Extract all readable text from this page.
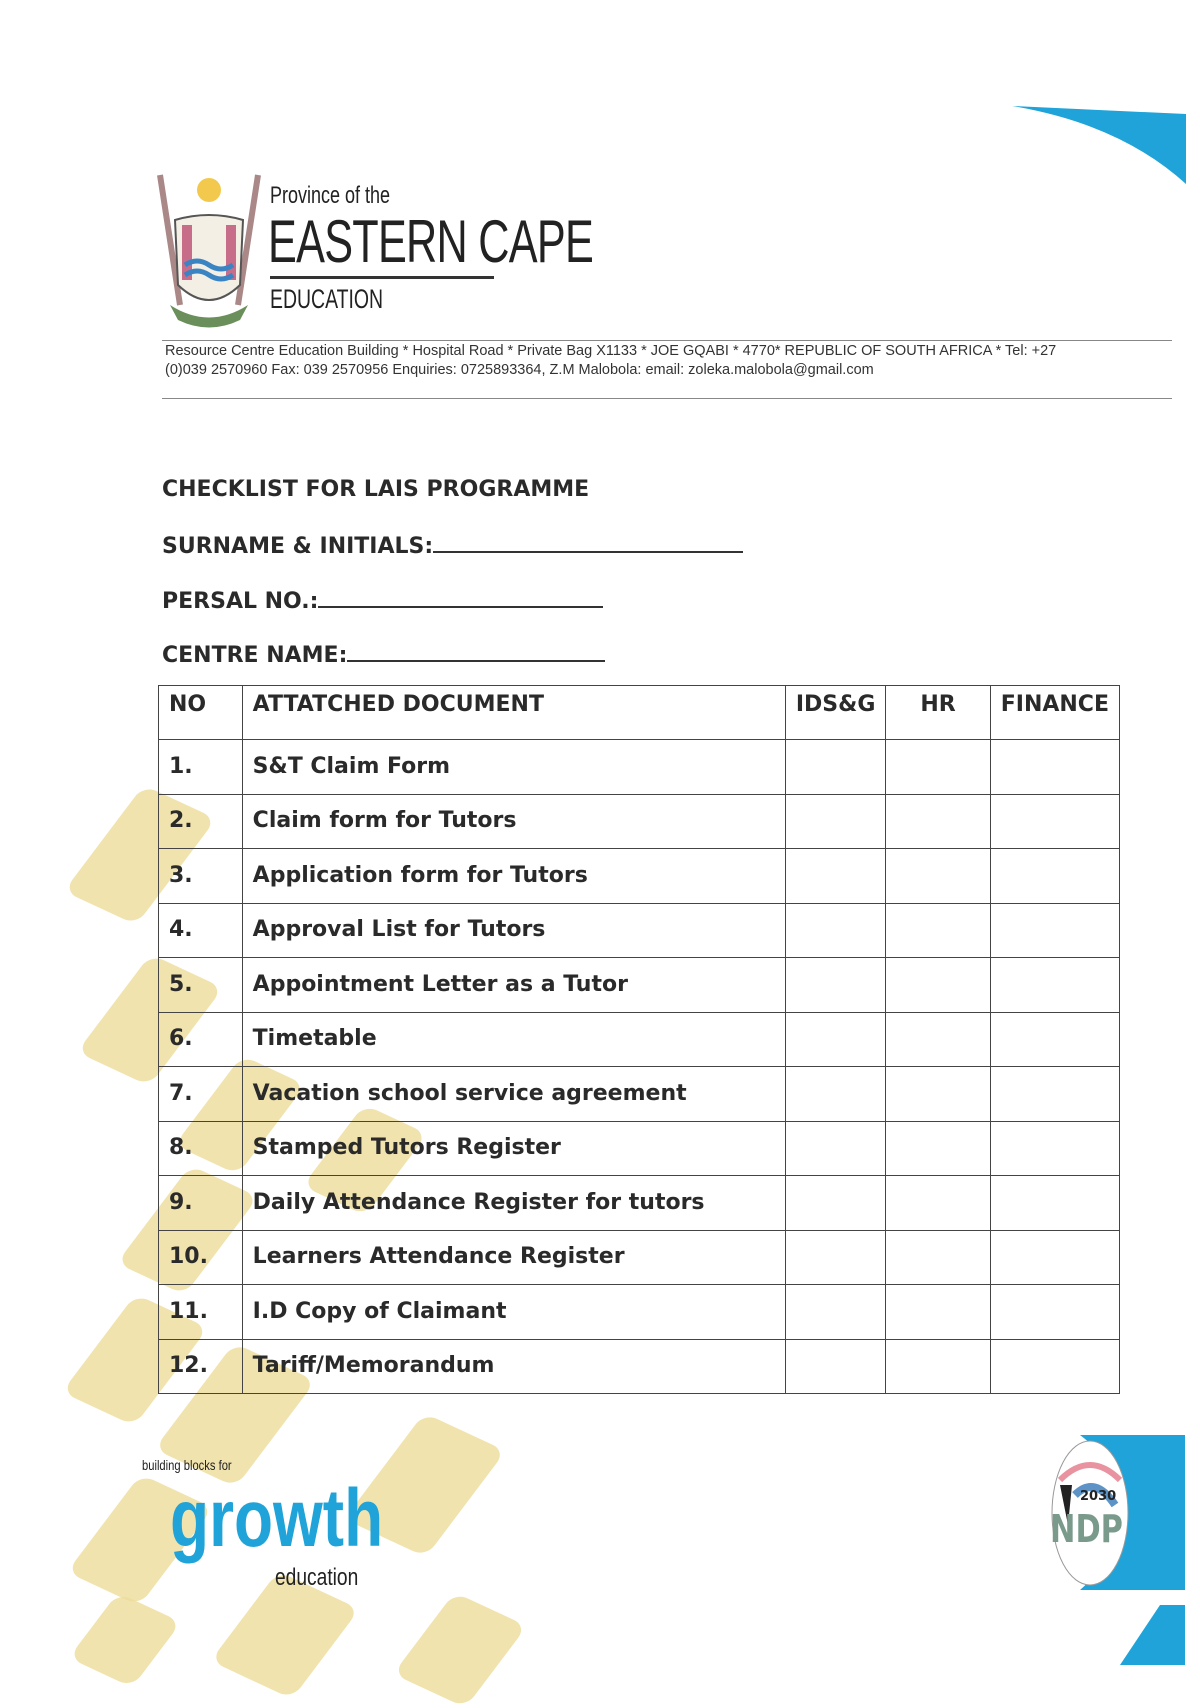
Province of the
EASTERN CAPE
EDUCATION
Resource Centre Education Building * Hospital Road * Private Bag X1133 * JOE GQABI * 4770* REPUBLIC OF SOUTH AFRICA * Tel: +27
(0)039 2570960 Fax: 039 2570956 Enquiries: 0725893364, Z.M Malobola: email: zoleka.malobola@gmail.com
CHECKLIST FOR LAIS PROGRAMME
SURNAME & INITIALS:
PERSAL NO.:
CENTRE NAME:
NO	ATTATCHED DOCUMENT	IDS&G	HR	FINANCE
1.	S&T Claim Form			
2.	Claim form for Tutors			
3.	Application form for Tutors			
4.	Approval List for Tutors			
5.	Appointment Letter as a Tutor			
6.	Timetable			
7.	Vacation school service agreement			
8.	Stamped Tutors Register			
9.	Daily Attendance Register for tutors			
10.	Learners Attendance Register			
11.	I.D Copy of Claimant			
12.	Tariff/Memorandum			
building blocks for
growth
education
2030
NDP
